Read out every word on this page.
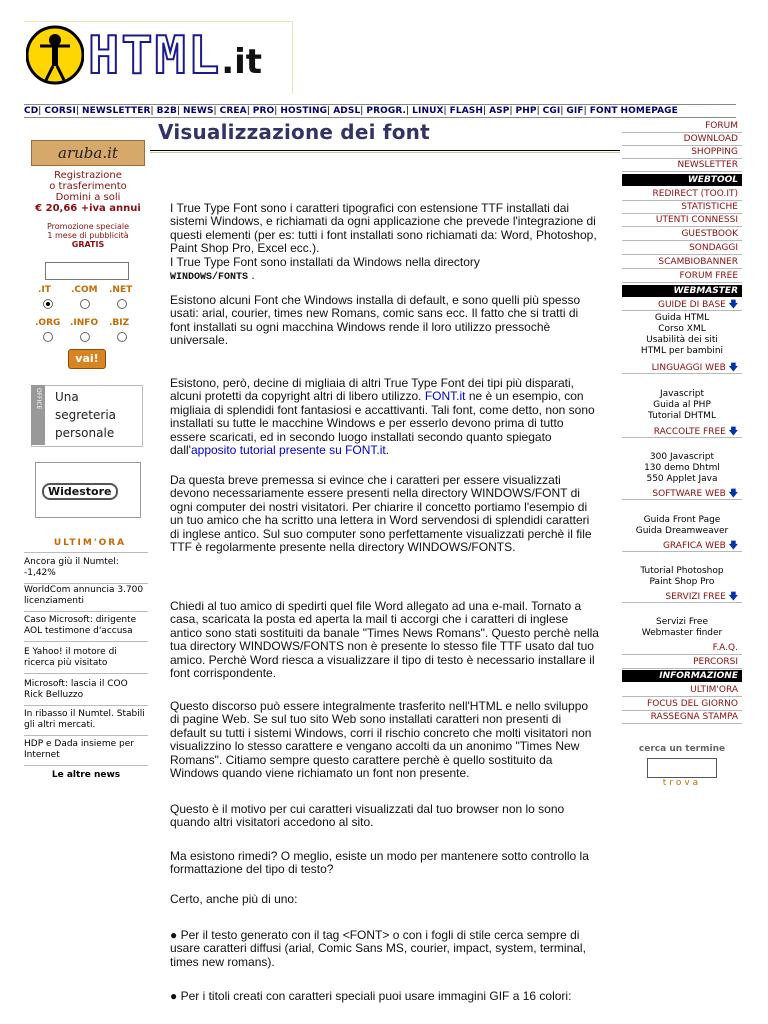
HTML.it
CD| CORSI| NEWSLETTER| B2B| NEWS| CREA| PRO| HOSTING| ADSL| PROGR.| LINUX| FLASH| ASP| PHP| CGI| GIF| FONT HOMEPAGE
Visualizzazione dei font
aruba.it
Registrazione
o trasferimento
Domini a soli
€ 20,66 +iva annui
Promozione speciale
1 mese di pubblicità
GRATIS
.IT .COM .NET
.ORG .INFO .BIZ
vai!
OFFICE Una
segreteria
personale
Widestore
ULTIM'ORA
Ancora giù il Numtel: -1,42%
WorldCom annuncia 3.700 licenziamenti
Caso Microsoft: dirigente AOL testimone d'accusa
E Yahoo! il motore di ricerca più visitato
Microsoft: lascia il COO Rick Belluzzo
In ribasso il Numtel. Stabili gli altri mercati.
HDP e Dada insieme per Internet
Le altre news
I True Type Font sono i caratteri tipografici con estensione TTF installati dai sistemi Windows, e richiamati da ogni applicazione che prevede l'integrazione di questi elementi (per es: tutti i font installati sono richiamati da: Word, Photoshop, Paint Shop Pro, Excel ecc.).
I True Type Font sono installati da Windows nella directory
WINDOWS/FONTS .
Esistono alcuni Font che Windows installa di default, e sono quelli più spesso usati: arial, courier, times new Romans, comic sans ecc. Il fatto che si tratti di font installati su ogni macchina Windows rende il loro utilizzo pressochè universale.
Esistono, però, decine di migliaia di altri True Type Font dei tipi più disparati, alcuni protetti da copyright altri di libero utilizzo. FONT.it ne è un esempio, con migliaia di splendidi font fantasiosi e accattivanti. Tali font, come detto, non sono installati su tutte le macchine Windows e per esserlo devono prima di tutto essere scaricati, ed in secondo luogo installati secondo quanto spiegato dall'apposito tutorial presente su FONT.it.
Da questa breve premessa si evince che i caratteri per essere visualizzati devono necessariamente essere presenti nella directory WINDOWS/FONT di ogni computer dei nostri visitatori. Per chiarire il concetto portiamo l'esempio di un tuo amico che ha scritto una lettera in Word servendosi di splendidi caratteri di inglese antico. Sul suo computer sono perfettamente visualizzati perchè il file TTF è regolarmente presente nella directory WINDOWS/FONTS.
Chiedi al tuo amico di spedirti quel file Word allegato ad una e-mail. Tornato a casa, scaricata la posta ed aperta la mail ti accorgi che i caratteri di inglese antico sono stati sostituiti da banale "Times News Romans". Questo perchè nella tua directory WINDOWS/FONTS non è presente lo stesso file TTF usato dal tuo amico. Perchè Word riesca a visualizzare il tipo di testo è necessario installare il font corrispondente.
Questo discorso può essere integralmente trasferito nell'HTML e nello sviluppo di pagine Web. Se sul tuo sito Web sono installati caratteri non presenti di default su tutti i sistemi Windows, corri il rischio concreto che molti visitatori non visualizzino lo stesso carattere e vengano accolti da un anonimo "Times New Romans". Citiamo sempre questo carattere perchè è quello sostituito da Windows quando viene richiamato un font non presente.
Questo è il motivo per cui caratteri visualizzati dal tuo browser non lo sono quando altri visitatori accedono al sito.
Ma esistono rimedi? O meglio, esiste un modo per mantenere sotto controllo la formattazione del tipo di testo?
Certo, anche più di uno:
● Per il testo generato con il tag <FONT> o con i fogli di stile cerca sempre di usare caratteri diffusi (arial, Comic Sans MS, courier, impact, system, terminal, times new romans).
● Per i titoli creati con caratteri speciali puoi usare immagini GIF a 16 colori:
FORUM
DOWNLOAD
SHOPPING
NEWSLETTER
WEBTOOL
REDIRECT (TOO.IT)
STATISTICHE
UTENTI CONNESSI
GUESTBOOK
SONDAGGI
SCAMBIOBANNER
FORUM FREE
WEBMASTER
GUIDE DI BASE 🡇
Guida HTML
Corso XML
Usabilità dei siti
HTML per bambini
LINGUAGGI WEB 🡇
Javascript
Guida al PHP
Tutorial DHTML
RACCOLTE FREE 🡇
300 Javascript
130 demo Dhtml
550 Applet Java
SOFTWARE WEB 🡇
Guida Front Page
Guida Dreamweaver
GRAFICA WEB 🡇
Tutorial Photoshop
Paint Shop Pro
SERVIZI FREE 🡇
Servizi Free
Webmaster finder
F.A.Q.
PERCORSI
INFORMAZIONE
ULTIM'ORA
FOCUS DEL GIORNO
RASSEGNA STAMPA
cerca un termine
trova
